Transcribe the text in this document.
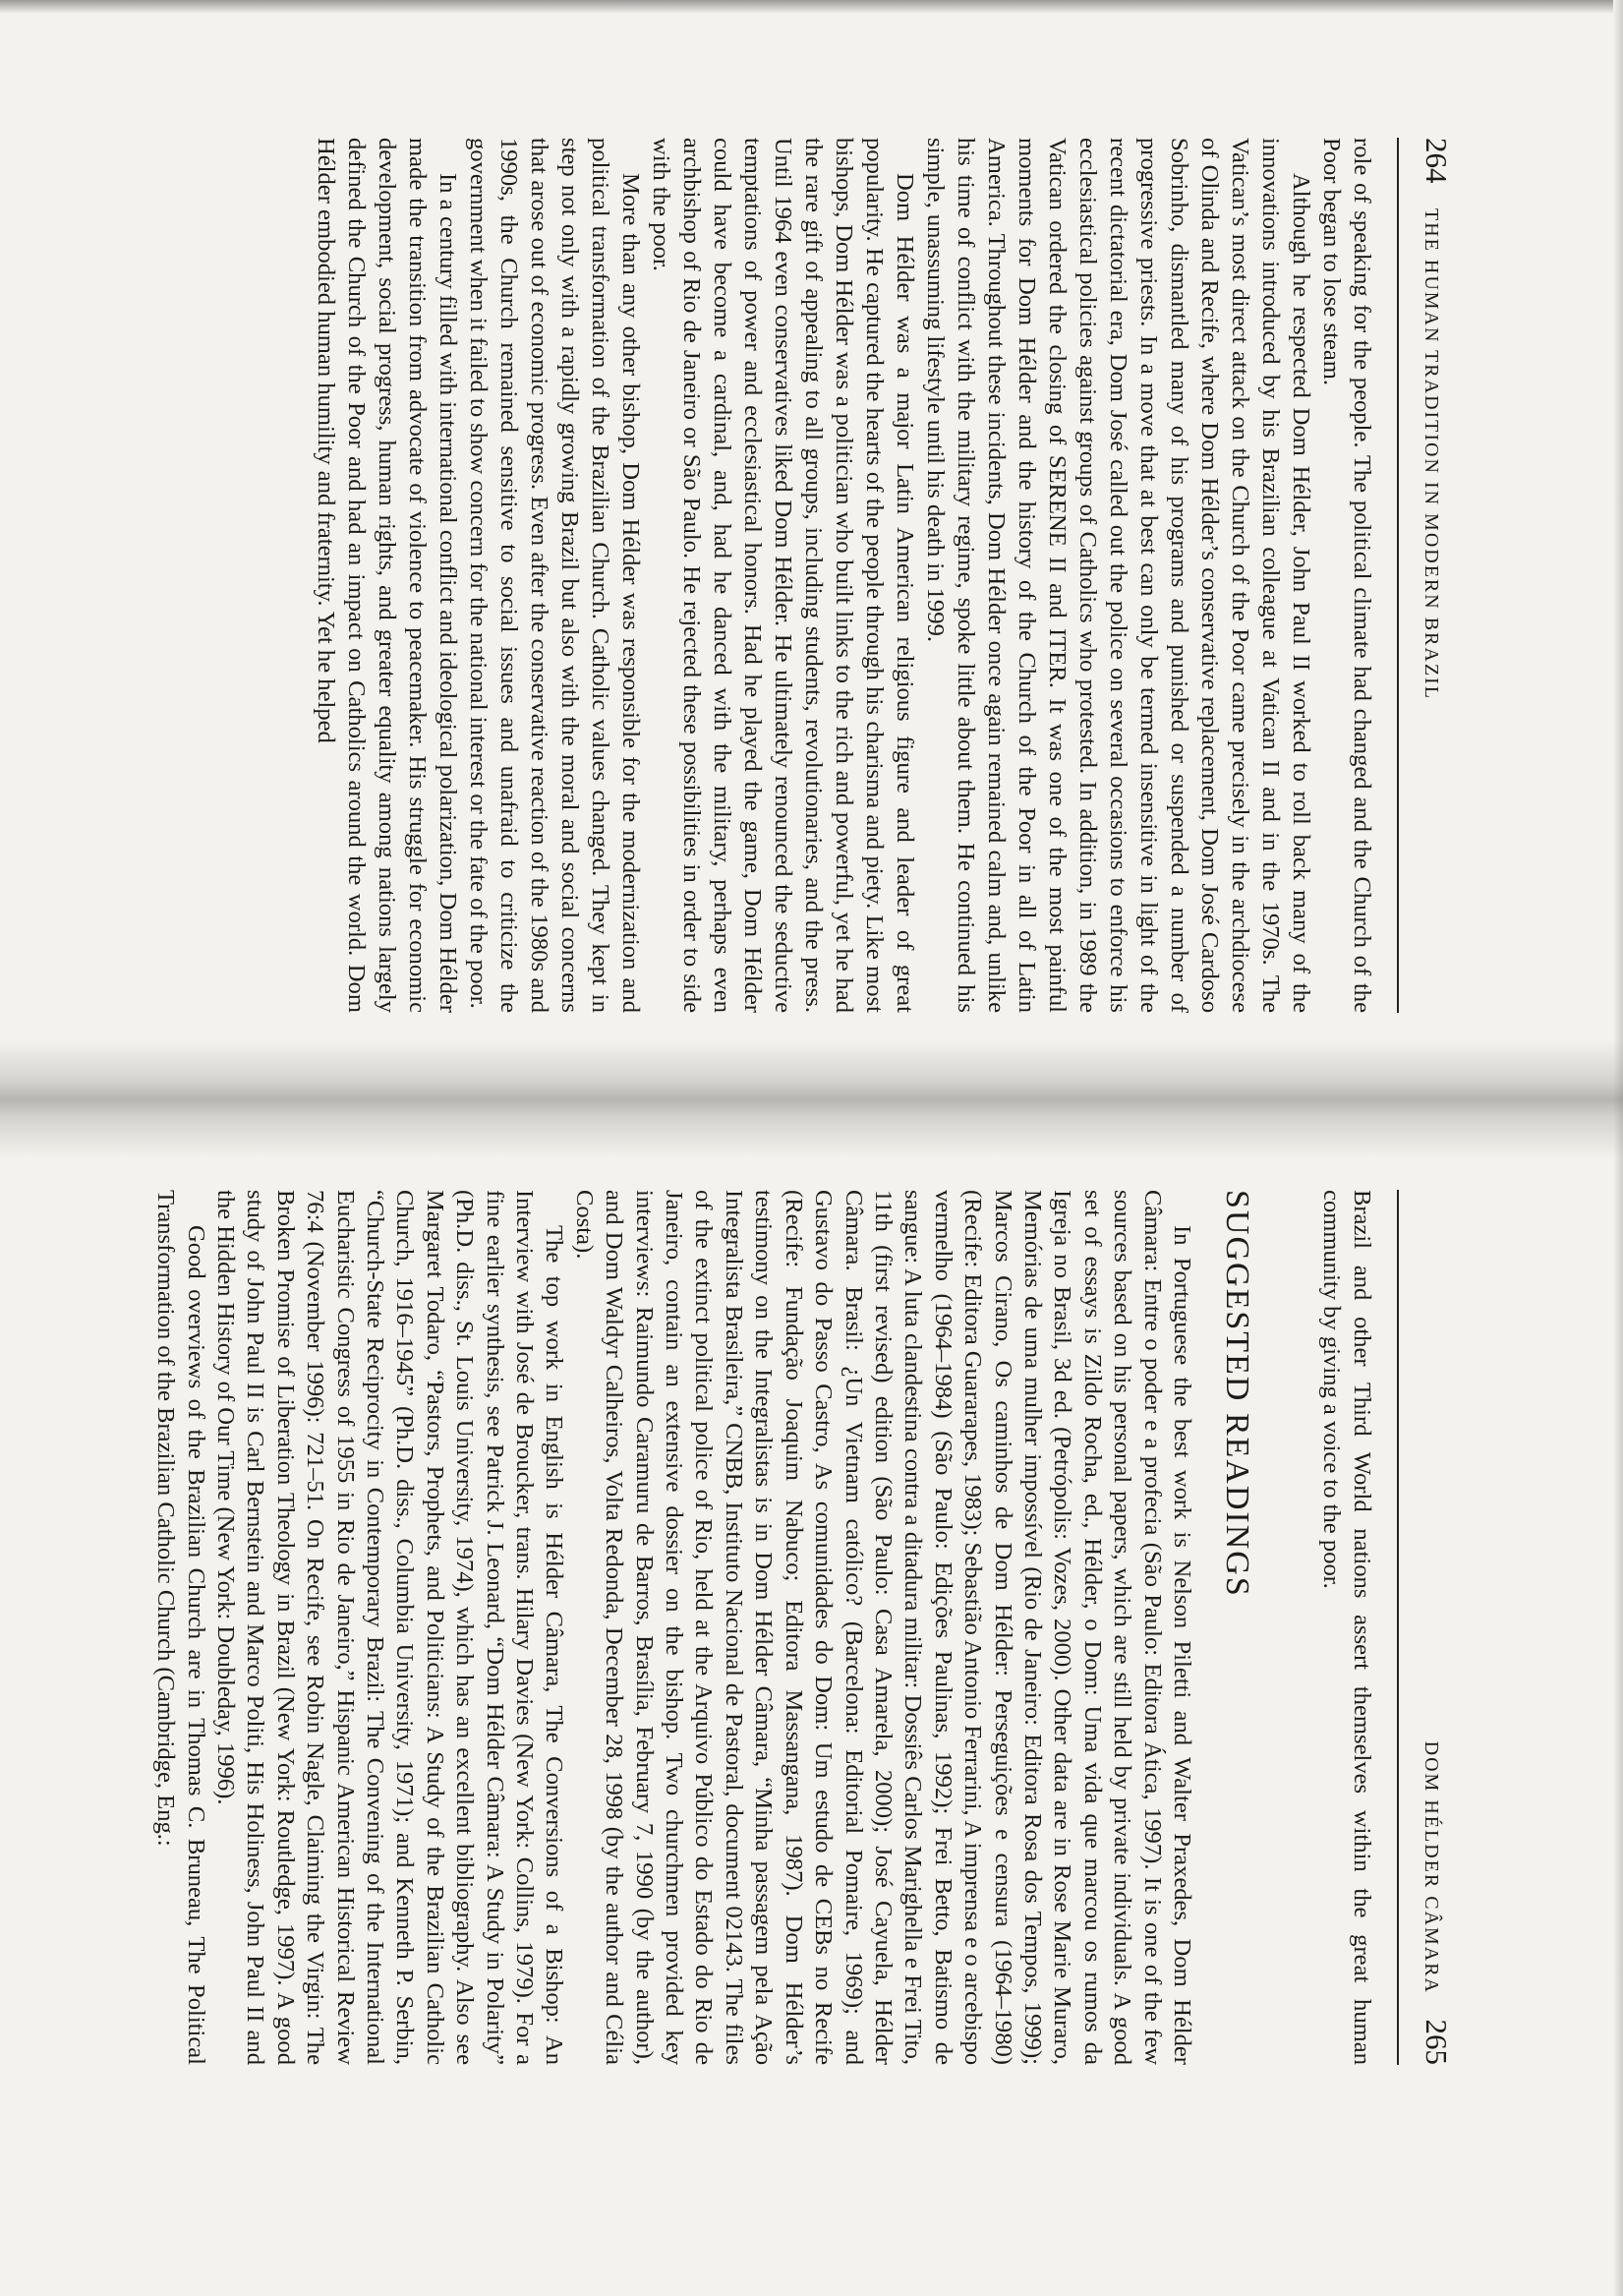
264
THE HUMAN TRADITION IN MODERN BRAZIL

role of speaking for the people. The political climate had changed and the Church of the Poor began to lose steam.

Although he respected Dom Hélder, John Paul II worked to roll back many of the innovations introduced by his Brazilian colleague at Vatican II and in the 1970s. The Vatican’s most direct attack on the Church of the Poor came precisely in the archdiocese of Olinda and Recife, where Dom Hélder’s conservative replacement, Dom José Cardoso Sobrinho, dismantled many of his programs and punished or suspended a number of progressive priests. In a move that at best can only be termed insensitive in light of the recent dictatorial era, Dom José called out the police on several occasions to enforce his ecclesiastical policies against groups of Catholics who protested. In addition, in 1989 the Vatican ordered the closing of SERENE II and ITER. It was one of the most painful moments for Dom Hélder and the history of the Church of the Poor in all of Latin America. Throughout these incidents, Dom Hélder once again remained calm and, unlike his time of conflict with the military regime, spoke little about them. He continued his simple, unassuming lifestyle until his death in 1999.

Dom Hélder was a major Latin American religious figure and leader of great popularity. He captured the hearts of the people through his charisma and piety. Like most bishops, Dom Hélder was a politician who built links to the rich and powerful, yet he had the rare gift of appealing to all groups, including students, revolutionaries, and the press. Until 1964 even conservatives liked Dom Hélder. He ultimately renounced the seductive temptations of power and ecclesiastical honors. Had he played the game, Dom Hélder could have become a cardinal, and, had he danced with the military, perhaps even archbishop of Rio de Janeiro or São Paulo. He rejected these possibilities in order to side with the poor.

More than any other bishop, Dom Hélder was responsible for the modernization and political transformation of the Brazilian Church. Catholic values changed. They kept in step not only with a rapidly growing Brazil but also with the moral and social concerns that arose out of economic progress. Even after the conservative reaction of the 1980s and 1990s, the Church remained sensitive to social issues and unafraid to criticize the government when it failed to show concern for the national interest or the fate of the poor.

In a century filled with international conflict and ideological polarization, Dom Hélder made the transition from advocate of violence to peacemaker. His struggle for economic development, social progress, human rights, and greater equality among nations largely defined the Church of the Poor and had an impact on Catholics around the world. Dom Hélder embodied human humility and fraternity. Yet he helped

DOM HÉLDER CÂMARA
265

Brazil and other Third World nations assert themselves within the great human community by giving a voice to the poor.

SUGGESTED READINGS

In Portuguese the best work is Nelson Piletti and Walter Praxedes, Dom Hélder Câmara: Entre o poder e a profecia (São Paulo: Editora Ática, 1997). It is one of the few sources based on his personal papers, which are still held by private individuals. A good set of essays is Zildo Rocha, ed., Hélder, o Dom: Uma vida que marcou os rumos da Igreja no Brasil, 3d ed. (Petrópolis: Vozes, 2000). Other data are in Rose Marie Muraro, Memórias de uma mulher impossível (Rio de Janeiro: Editora Rosa dos Tempos, 1999); Marcos Cirano, Os caminhos de Dom Hélder: Perseguições e censura (1964–1980) (Recife: Editora Guararapes, 1983); Sebastião Antonio Ferrarini, A imprensa e o arcebispo vermelho (1964–1984) (São Paulo: Edições Paulinas, 1992); Frei Betto, Batismo de sangue: A luta clandestina contra a ditadura militar: Dossiês Carlos Marighella e Frei Tito, 11th (first revised) edition (São Paulo: Casa Amarela, 2000); José Cayuela, Hélder Câmara. Brasil: ¿Un Vietnam católico? (Barcelona: Editorial Pomaire, 1969); and Gustavo do Passo Castro, As comunidades do Dom: Um estudo de CEBs no Recife (Recife: Fundação Joaquim Nabuco; Editora Massangana, 1987). Dom Hélder’s testimony on the Integralistas is in Dom Hélder Câmara, “Minha passagem pela Ação Integralista Brasileira,” CNBB, Instituto Nacional de Pastoral, document 02143. The files of the extinct political police of Rio, held at the Arquivo Público do Estado do Rio de Janeiro, contain an extensive dossier on the bishop. Two churchmen provided key interviews: Raimundo Caramuru de Barros, Brasília, February 7, 1990 (by the author), and Dom Waldyr Calheiros, Volta Redonda, December 28, 1998 (by the author and Célia Costa).

The top work in English is Hélder Câmara, The Conversions of a Bishop: An Interview with José de Broucker, trans. Hilary Davies (New York: Collins, 1979). For a fine earlier synthesis, see Patrick J. Leonard, “Dom Hélder Câmara: A Study in Polarity” (Ph.D. diss., St. Louis University, 1974), which has an excellent bibliography. Also see Margaret Todaro, “Pastors, Prophets, and Politicians: A Study of the Brazilian Catholic Church, 1916–1945” (Ph.D. diss., Columbia University, 1971); and Kenneth P. Serbin, “Church-State Reciprocity in Contemporary Brazil: The Convening of the International Eucharistic Congress of 1955 in Rio de Janeiro,” Hispanic American Historical Review 76:4 (November 1996): 721–51. On Recife, see Robin Nagle, Claiming the Virgin: The Broken Promise of Liberation Theology in Brazil (New York: Routledge, 1997). A good study of John Paul II is Carl Bernstein and Marco Politi, His Holiness, John Paul II and the Hidden History of Our Time (New York: Doubleday, 1996).

Good overviews of the Brazilian Church are in Thomas C. Bruneau, The Political Transformation of the Brazilian Catholic Church (Cambridge, Eng.:
